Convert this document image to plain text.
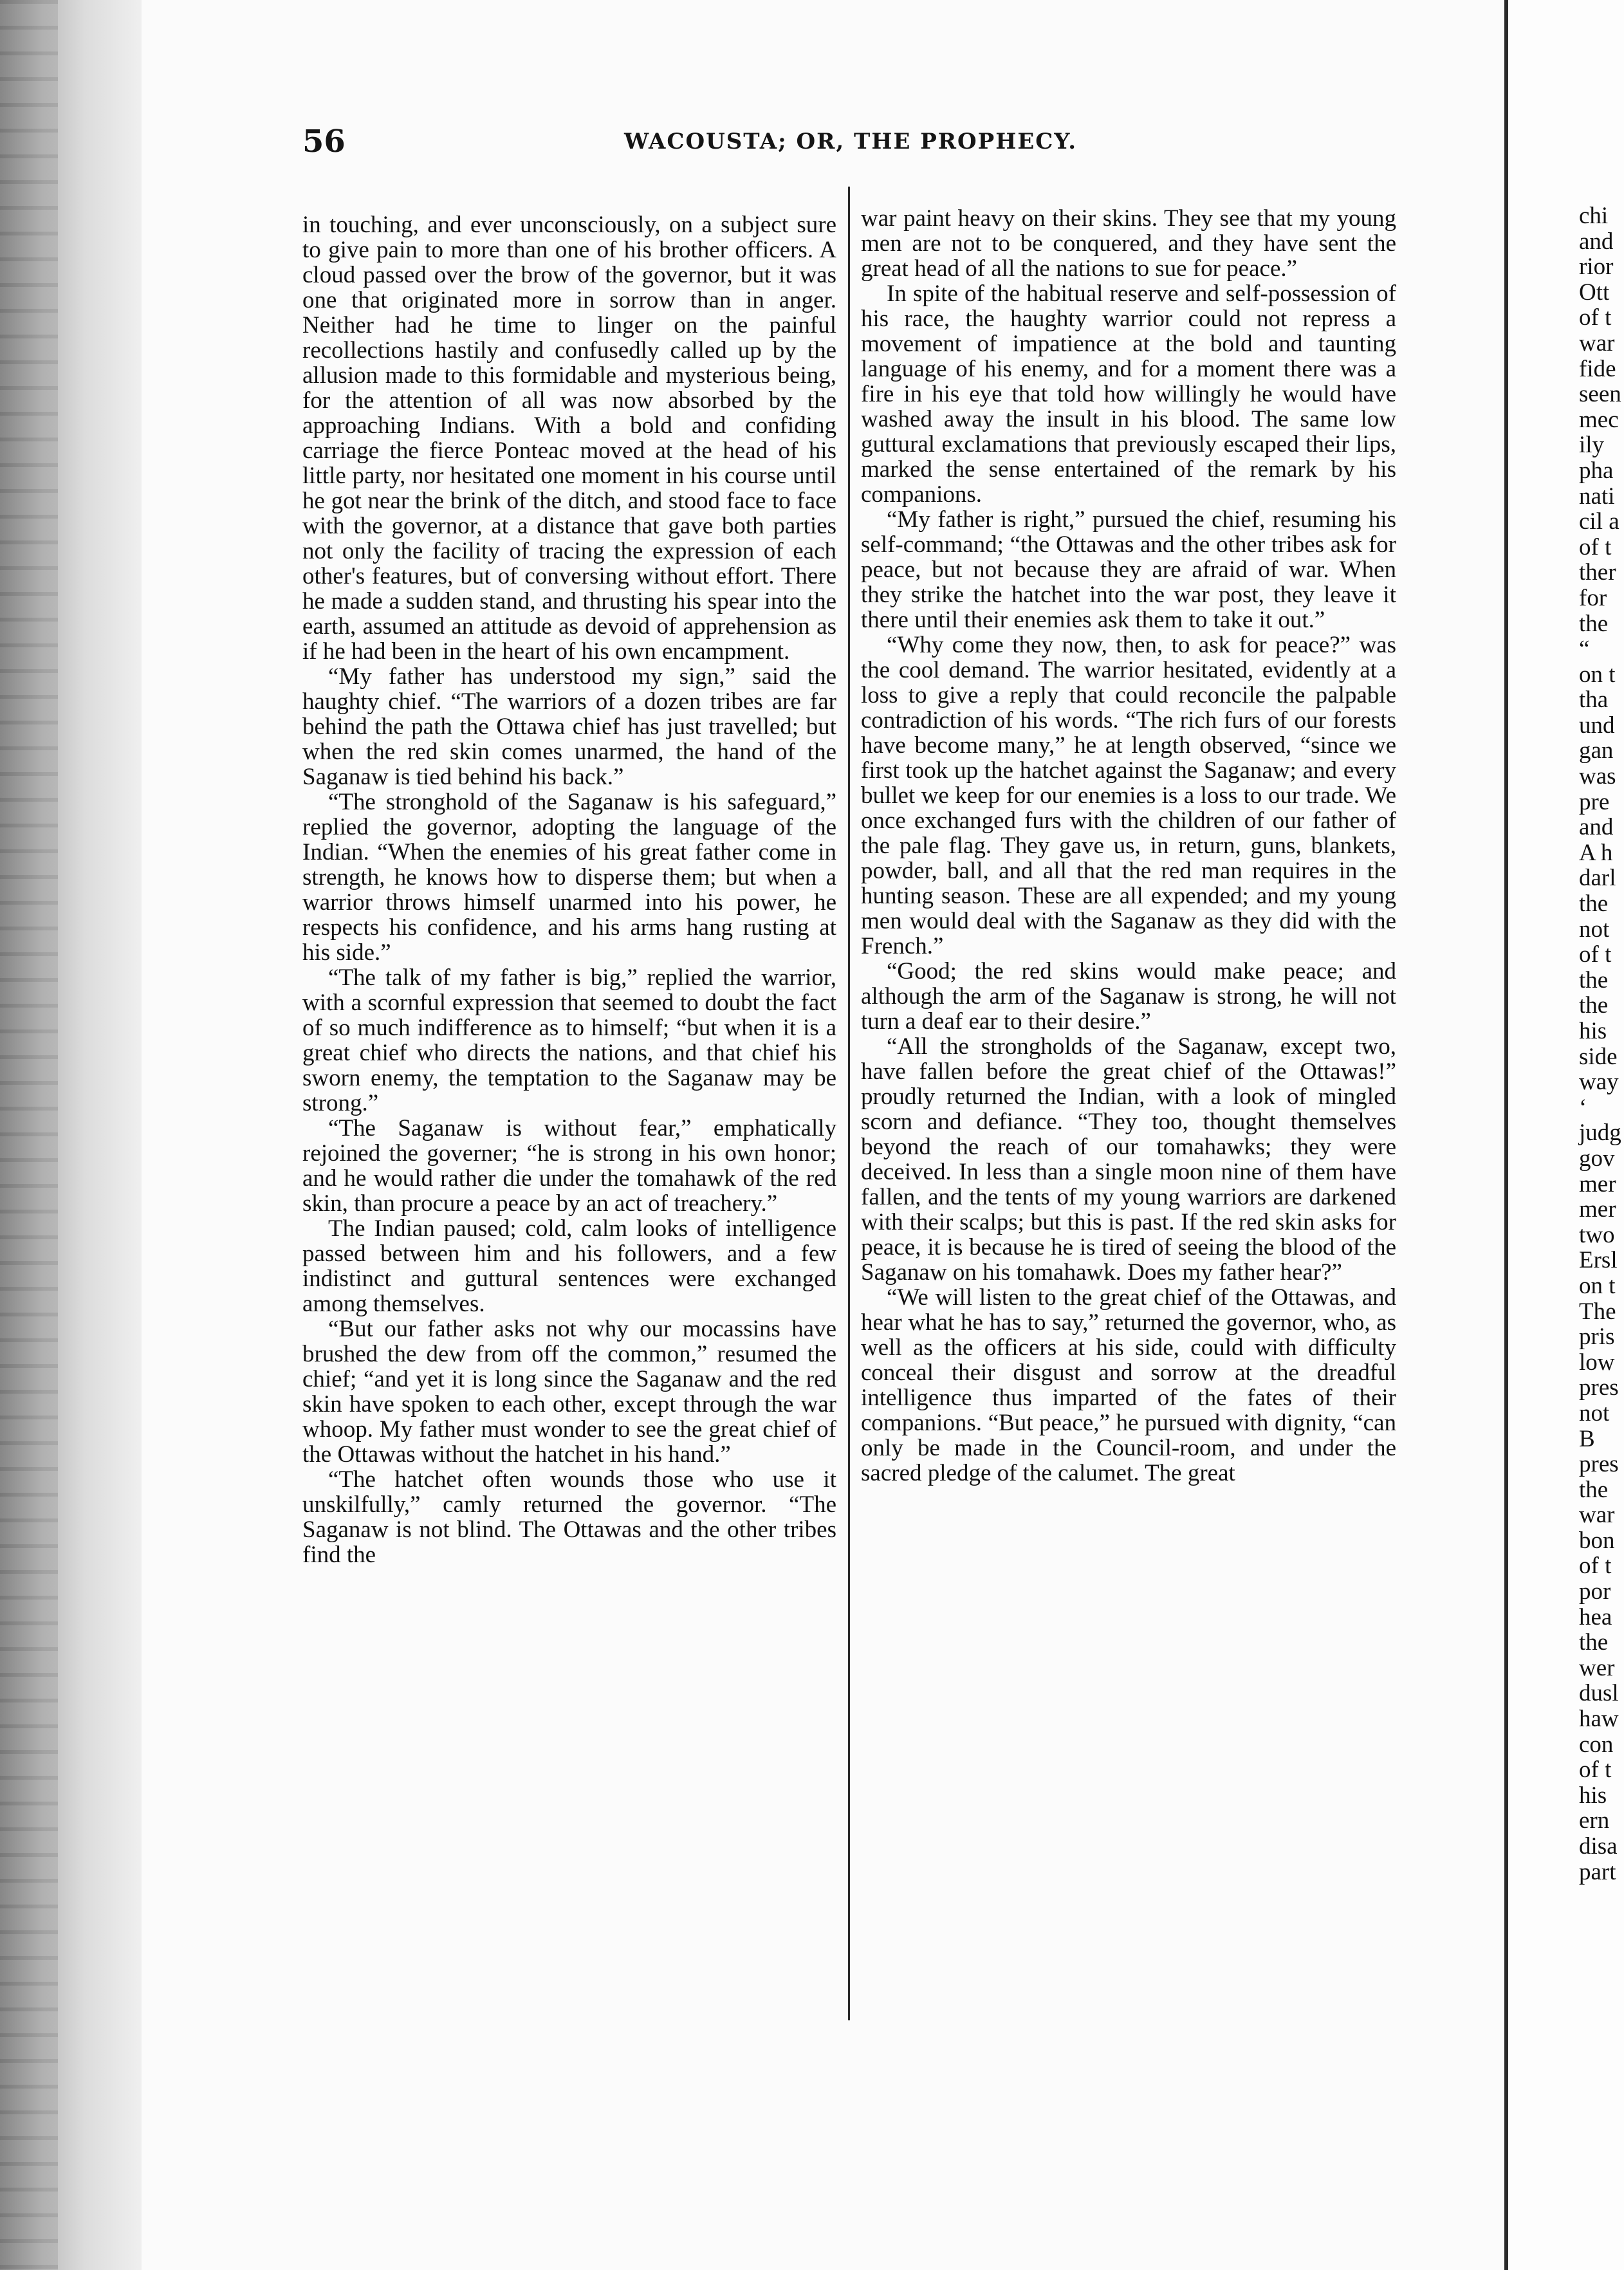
56	WACOUSTA; OR, THE PROPHECY.

in touching, and ever unconsciously, on a subject sure to give pain to more than one of his brother officers. A cloud passed over the brow of the governor, but it was one that originated more in sorrow than in anger. Neither had he time to linger on the painful recollections hastily and confusedly called up by the allusion made to this formidable and mysterious being, for the attention of all was now absorbed by the approaching Indians. With a bold and confiding carriage the fierce Ponteac moved at the head of his little party, nor hesitated one moment in his course until he got near the brink of the ditch, and stood face to face with the governor, at a distance that gave both parties not only the facility of tracing the expression of each other's features, but of conversing without effort. There he made a sudden stand, and thrusting his spear into the earth, assumed an attitude as devoid of apprehension as if he had been in the heart of his own encampment.

“My father has understood my sign,” said the haughty chief. “The warriors of a dozen tribes are far behind the path the Ottawa chief has just travelled; but when the red skin comes unarmed, the hand of the Saganaw is tied behind his back.”

“The stronghold of the Saganaw is his safeguard,” replied the governor, adopting the language of the Indian. “When the enemies of his great father come in strength, he knows how to disperse them; but when a warrior throws himself unarmed into his power, he respects his confidence, and his arms hang rusting at his side.”

“The talk of my father is big,” replied the warrior, with a scornful expression that seemed to doubt the fact of so much indifference as to himself; “but when it is a great chief who directs the nations, and that chief his sworn enemy, the temptation to the Saganaw may be strong.”

“The Saganaw is without fear,” emphatically rejoined the governer; “he is strong in his own honor; and he would rather die under the tomahawk of the red skin, than procure a peace by an act of treachery.”

The Indian paused; cold, calm looks of intelligence passed between him and his followers, and a few indistinct and guttural sentences were exchanged among themselves.

“But our father asks not why our mocassins have brushed the dew from off the common,” resumed the chief; “and yet it is long since the Saganaw and the red skin have spoken to each other, except through the war whoop. My father must wonder to see the great chief of the Ottawas without the hatchet in his hand.”

“The hatchet often wounds those who use it unskilfully,” camly returned the governor. “The Saganaw is not blind. The Ottawas and the other tribes find the

war paint heavy on their skins. They see that my young men are not to be conquered, and they have sent the great head of all the nations to sue for peace.”

In spite of the habitual reserve and self-possession of his race, the haughty warrior could not repress a movement of impatience at the bold and taunting language of his enemy, and for a moment there was a fire in his eye that told how willingly he would have washed away the insult in his blood. The same low guttural exclamations that previously escaped their lips, marked the sense entertained of the remark by his companions.

“My father is right,” pursued the chief, resuming his self-command; “the Ottawas and the other tribes ask for peace, but not because they are afraid of war. When they strike the hatchet into the war post, they leave it there until their enemies ask them to take it out.”

“Why come they now, then, to ask for peace?” was the cool demand. The warrior hesitated, evidently at a loss to give a reply that could reconcile the palpable contradiction of his words. “The rich furs of our forests have become many,” he at length observed, “since we first took up the hatchet against the Saganaw; and every bullet we keep for our enemies is a loss to our trade. We once exchanged furs with the children of our father of the pale flag. They gave us, in return, guns, blankets, powder, ball, and all that the red man requires in the hunting season. These are all expended; and my young men would deal with the Saganaw as they did with the French.”

“Good; the red skins would make peace; and although the arm of the Saganaw is strong, he will not turn a deaf ear to their desire.”

“All the strongholds of the Saganaw, except two, have fallen before the great chief of the Ottawas!” proudly returned the Indian, with a look of mingled scorn and defiance. “They too, thought themselves beyond the reach of our tomahawks; they were deceived. In less than a single moon nine of them have fallen, and the tents of my young warriors are darkened with their scalps; but this is past. If the red skin asks for peace, it is because he is tired of seeing the blood of the Saganaw on his tomahawk. Does my father hear?”

“We will listen to the great chief of the Ottawas, and hear what he has to say,” returned the governor, who, as well as the officers at his side, could with difficulty conceal their disgust and sorrow at the dreadful intelligence thus imparted of the fates of their companions. “But peace,” he pursued with dignity, “can only be made in the Council-room, and under the sacred pledge of the calumet. The great

chi
and
rior
Ott
of t
war
fide
seen
mec
ily
pha
nati
cil a
of t
ther
for
the
“
on t
tha
und
gan
was
pre
and
A h
darl
the
not
of t
the
the
his
side
way
‘
judg
gov
mer
mer
two
Ersl
on t
The
pris
low
pres
not
B
pres
the
war
bon
of t
por
hea
the
wer
dusl
haw
con
of t
his
ern
disa
part
